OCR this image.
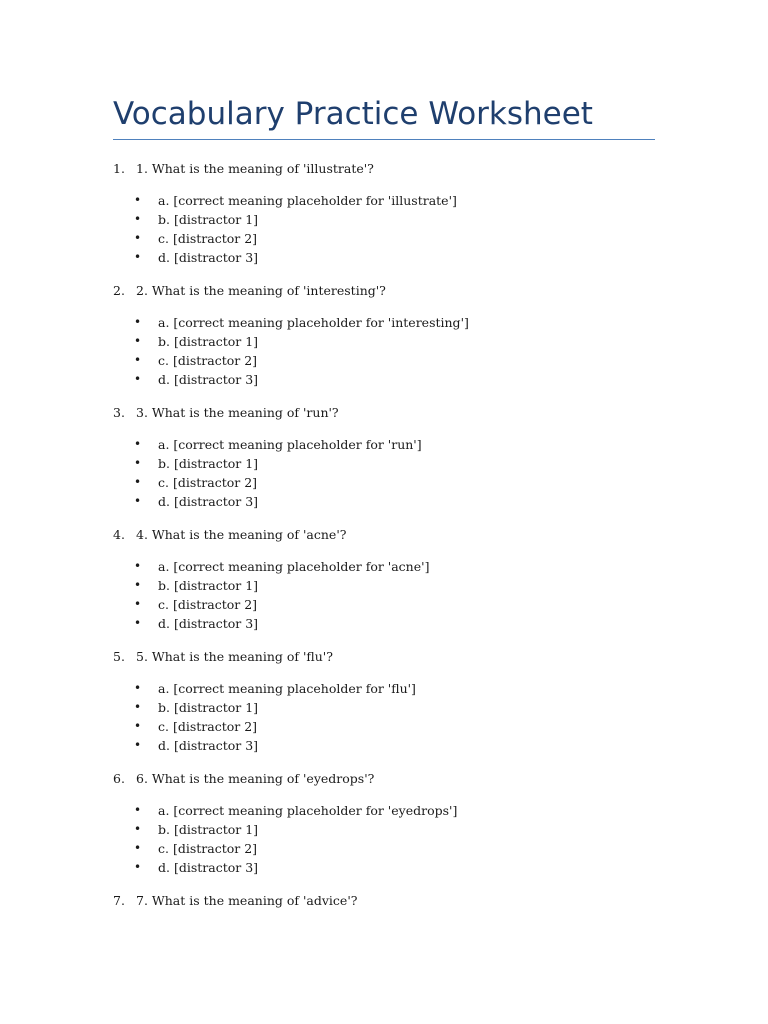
Vocabulary Practice Worksheet
1. 1. What is the meaning of 'illustrate'?
• a. [correct meaning placeholder for 'illustrate']
• b. [distractor 1]
• c. [distractor 2]
• d. [distractor 3]
2. 2. What is the meaning of 'interesting'?
• a. [correct meaning placeholder for 'interesting']
• b. [distractor 1]
• c. [distractor 2]
• d. [distractor 3]
3. 3. What is the meaning of 'run'?
• a. [correct meaning placeholder for 'run']
• b. [distractor 1]
• c. [distractor 2]
• d. [distractor 3]
4. 4. What is the meaning of 'acne'?
• a. [correct meaning placeholder for 'acne']
• b. [distractor 1]
• c. [distractor 2]
• d. [distractor 3]
5. 5. What is the meaning of 'flu'?
• a. [correct meaning placeholder for 'flu']
• b. [distractor 1]
• c. [distractor 2]
• d. [distractor 3]
6. 6. What is the meaning of 'eyedrops'?
• a. [correct meaning placeholder for 'eyedrops']
• b. [distractor 1]
• c. [distractor 2]
• d. [distractor 3]
7. 7. What is the meaning of 'advice'?
